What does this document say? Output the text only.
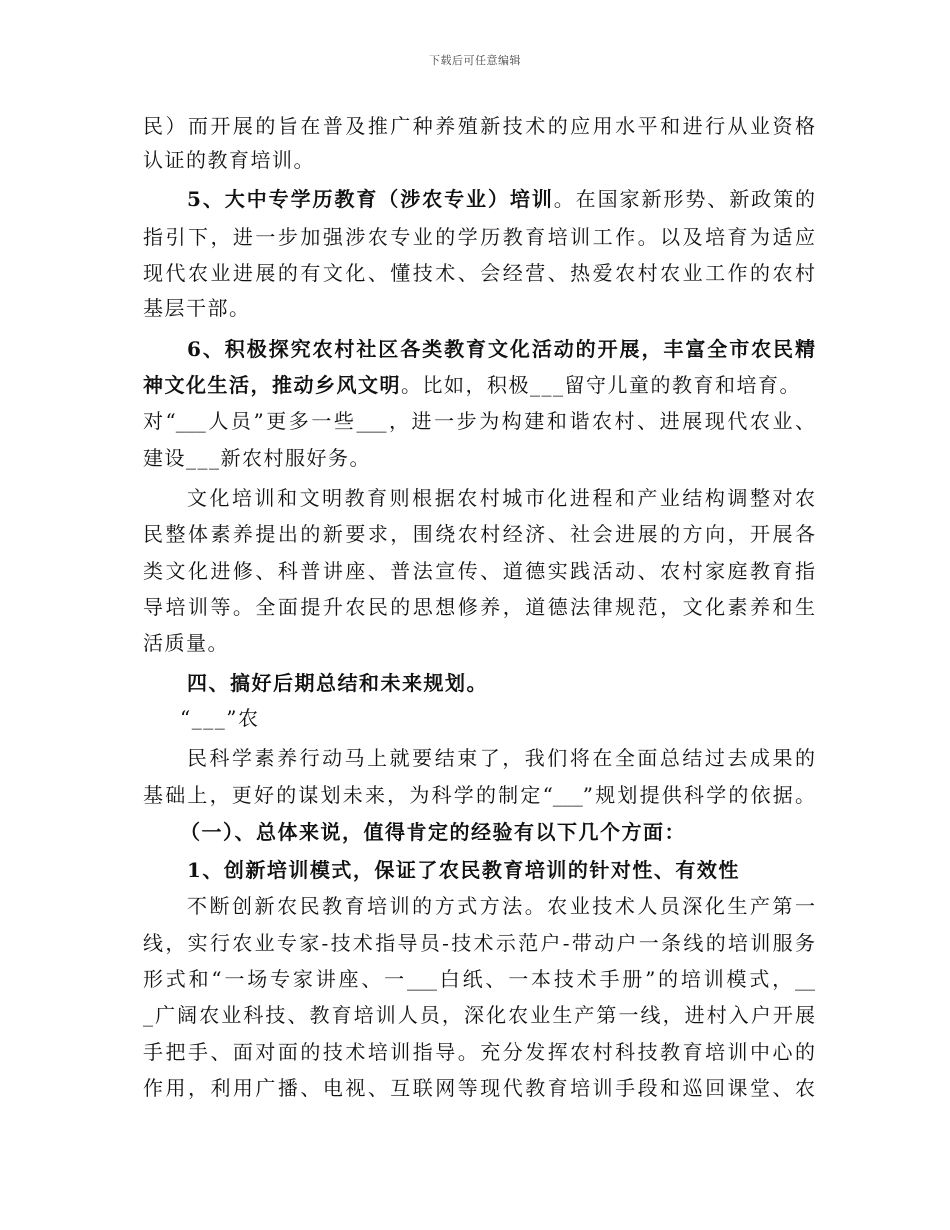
下载后可任意编辑
民）而开展的旨在普及推广种养殖新技术的应用水平和进行从业资格
认证的教育培训。
5、大中专学历教育（涉农专业）培训。在国家新形势、新政策的
指引下，进一步加强涉农专业的学历教育培训工作。以及培育为适应
现代农业进展的有文化、懂技术、会经营、热爱农村农业工作的农村
基层干部。
6、积极探究农村社区各类教育文化活动的开展，丰富全市农民精
神文化生活，推动乡风文明。比如，积极___留守儿童的教育和培育。
对“___人员”更多一些___，进一步为构建和谐农村、进展现代农业、
建设___新农村服好务。
文化培训和文明教育则根据农村城市化进程和产业结构调整对农
民整体素养提出的新要求，围绕农村经济、社会进展的方向，开展各
类文化进修、科普讲座、普法宣传、道德实践活动、农村家庭教育指
导培训等。全面提升农民的思想修养，道德法律规范，文化素养和生
活质量。
四、搞好后期总结和未来规划。
“___”农
民科学素养行动马上就要结束了，我们将在全面总结过去成果的
基础上，更好的谋划未来，为科学的制定“___”规划提供科学的依据。
（一）、总体来说，值得肯定的经验有以下几个方面：
1、创新培训模式，保证了农民教育培训的针对性、有效性
不断创新农民教育培训的方式方法。农业技术人员深化生产第一
线，实行农业专家-技术指导员-技术示范户-带动户一条线的培训服务
形式和“一场专家讲座、一___白纸、一本技术手册”的培训模式，__
_广阔农业科技、教育培训人员，深化农业生产第一线，进村入户开展
手把手、面对面的技术培训指导。充分发挥农村科技教育培训中心的
作用，利用广播、电视、互联网等现代教育培训手段和巡回课堂、农
